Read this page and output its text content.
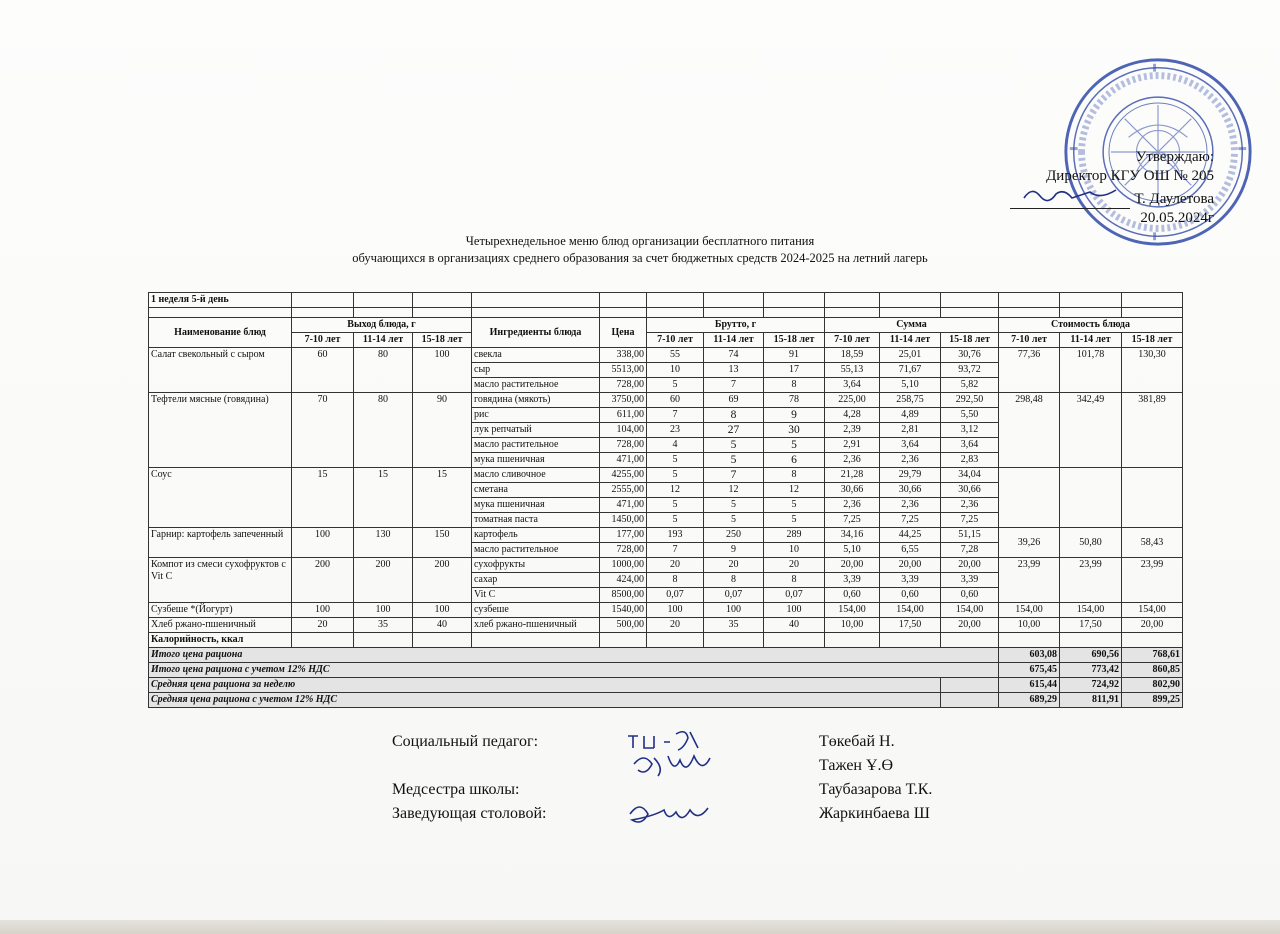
Утверждаю:
Директор КГУ ОШ № 205
Т. Даулетова
20.05.2024г
Четырехнедельное меню блюд организации бесплатного питания
обучающихся в организациях среднего образования за счет бюджетных средств 2024-2025 на летний лагерь
1 неделя 5-й день														

Наименование блюд	Выход блюда, г			Ингредиенты блюда	Цена	Брутто, г			Сумма			Стоимость блюда		
	7-10 лет	11-14 лет	15-18 лет			7-10 лет	11-14 лет	15-18 лет	7-10 лет	11-14 лет	15-18 лет	7-10 лет	11-14 лет	15-18 лет
Салат свекольный с сыром	60	80	100	свекла	338,00	55	74	91	18,59	25,01	30,76	77,36	101,78	130,30
				сыр	5513,00	10	13	17	55,13	71,67	93,72			
				масло растительное	728,00	5	7	8	3,64	5,10	5,82			
Тефтели мясные (говядина)	70	80	90	говядина (мякоть)	3750,00	60	69	78	225,00	258,75	292,50	298,48	342,49	381,89
				рис	611,00	7	8	9	4,28	4,89	5,50			
				лук репчатый	104,00	23	27	30	2,39	2,81	3,12			
				масло растительное	728,00	4	5	5	2,91	3,64	3,64			
				мука пшеничная	471,00	5	5	6	2,36	2,36	2,83			
Соус	15	15	15	масло сливочное	4255,00	5	7	8	21,28	29,79	34,04			
				сметана	2555,00	12	12	12	30,66	30,66	30,66			
				мука пшеничная	471,00	5	5	5	2,36	2,36	2,36			
				томатная паста	1450,00	5	5	5	7,25	7,25	7,25			
Гарнир: картофель запеченный	100	130	150	картофель	177,00	193	250	289	34,16	44,25	51,15	39,26	50,80	58,43
				масло растительное	728,00	7	9	10	5,10	6,55	7,28			
Компот из смеси сухофруктов с Vit C	200	200	200	сухофрукты	1000,00	20	20	20	20,00	20,00	20,00	23,99	23,99	23,99
				сахар	424,00	8	8	8	3,39	3,39	3,39			
				Vit C	8500,00	0,07	0,07	0,07	0,60	0,60	0,60			
Сузбеше *(Йогурт)	100	100	100	сузбеше	1540,00	100	100	100	154,00	154,00	154,00	154,00	154,00	154,00
Хлеб ржано-пшеничный	20	35	40	хлеб ржано-пшеничный	500,00	20	35	40	10,00	17,50	20,00	10,00	17,50	20,00
Калорийность, ккал														
Итого цена рациона												603,08	690,56	768,61
Итого цена рациона с учетом 12% НДС												675,45	773,42	860,85
Средняя цена рациона за неделю												615,44	724,92	802,90
Средняя цена рациона с учетом 12% НДС												689,29	811,91	899,25
Социальный педагог:	Төкебай Н.
Тажен Ұ.Ө
Медсестра школы:	Таубазарова Т.К.
Заведующая столовой:	Жаркинбаева Ш
